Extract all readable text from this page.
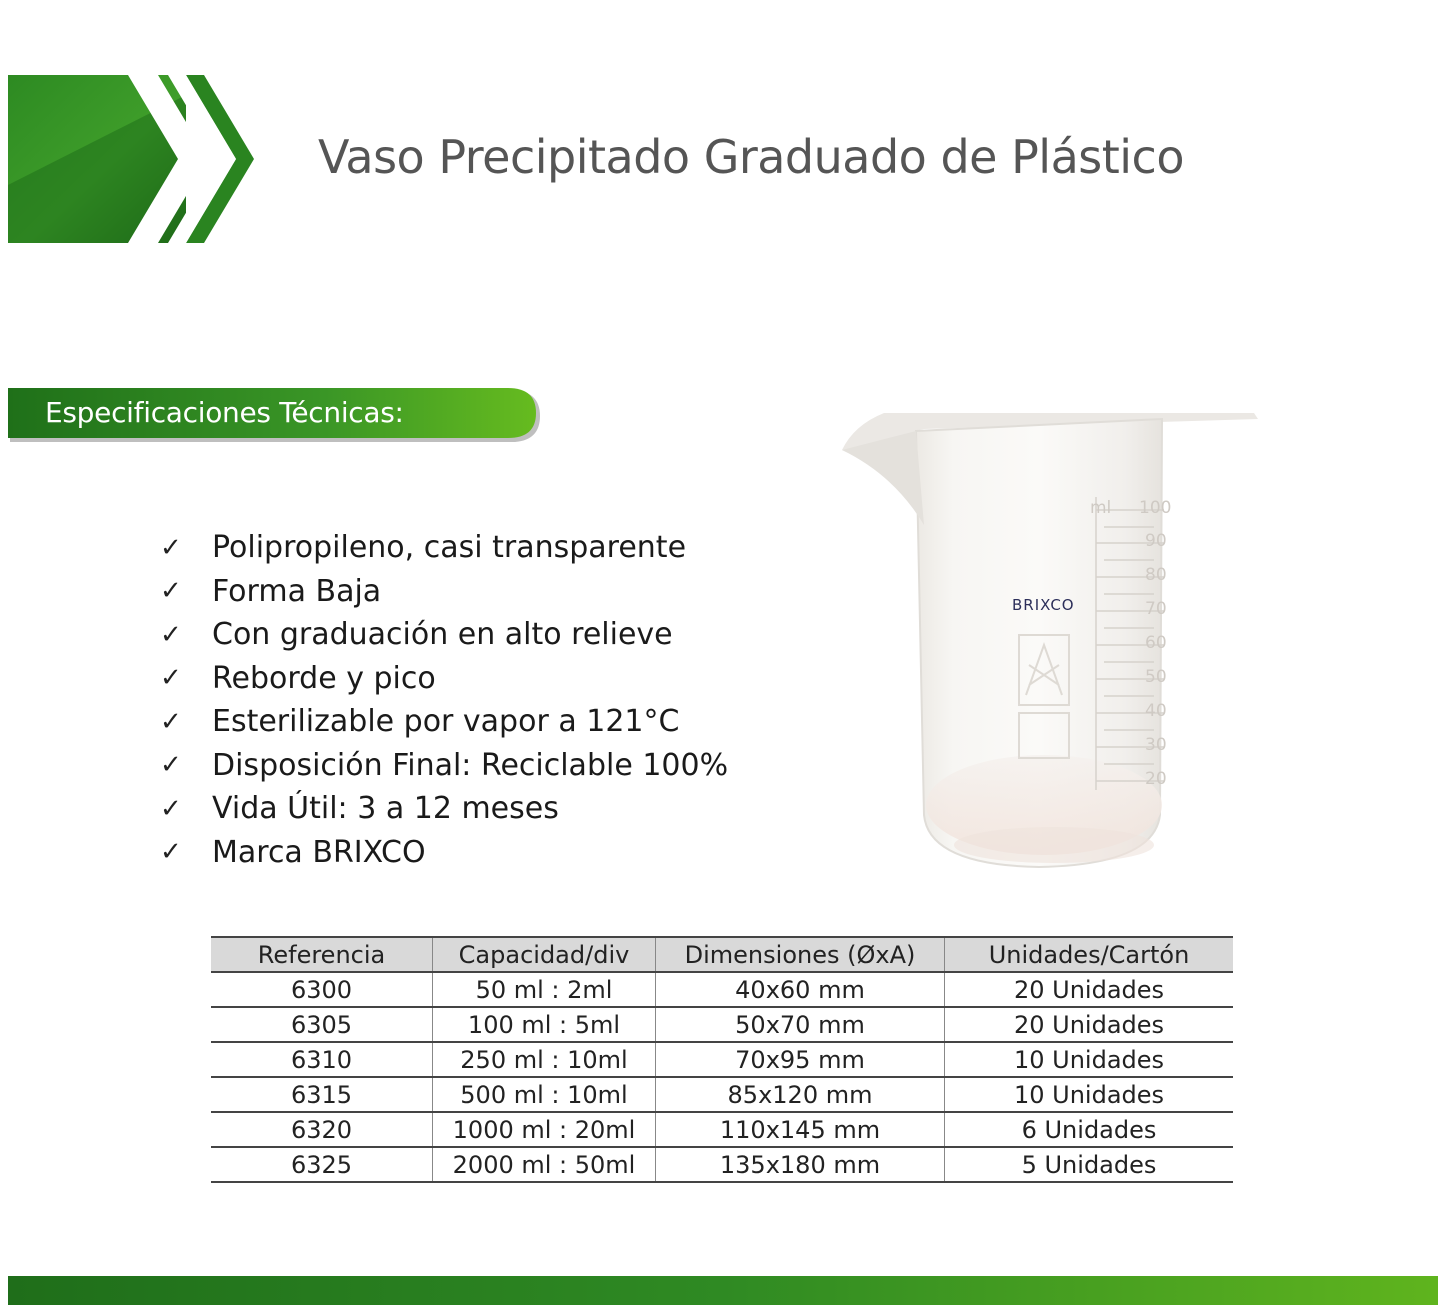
Vaso Precipitado Graduado de Plástico
Especificaciones Técnicas:
✓	Polipropileno, casi transparente
✓	Forma Baja
✓	Con graduación en alto relieve
✓	Reborde y pico
✓	Esterilizable por vapor a 121°C
✓	Disposición Final: Reciclable 100%
✓	Vida Útil: 3 a 12 meses
✓	Marca BRIXCO
ml 100
90
80
70
60
50
40
30
20
BRIXCO
Referencia	Capacidad/div	Dimensiones (ØxA)	Unidades/Cartón
6300	50 ml : 2ml	40x60 mm	20 Unidades
6305	100 ml : 5ml	50x70 mm	20 Unidades
6310	250 ml : 10ml	70x95 mm	10 Unidades
6315	500 ml : 10ml	85x120 mm	10 Unidades
6320	1000 ml : 20ml	110x145 mm	6 Unidades
6325	2000 ml : 50ml	135x180 mm	5 Unidades
